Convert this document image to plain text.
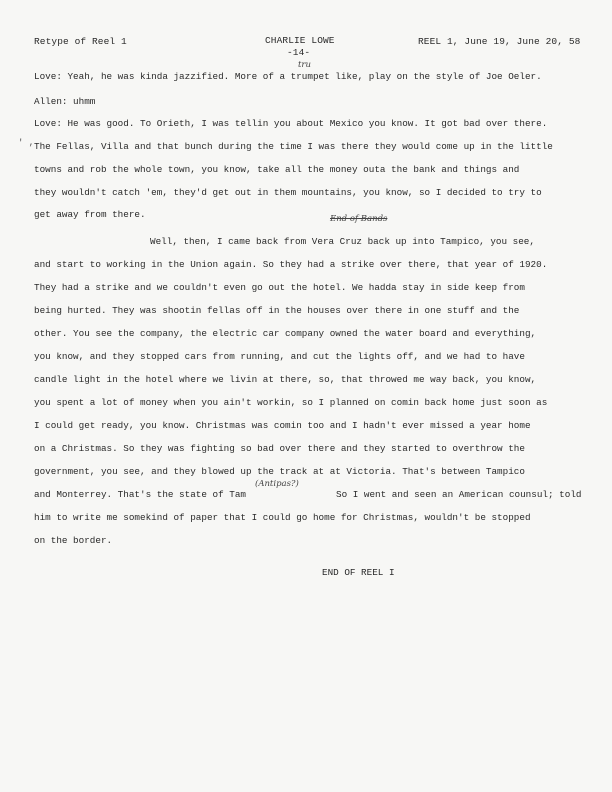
Retype of Reel 1	CHARLIE LOWE	REEL 1, June 19, June 20, 58
-14-
tru
Love: Yeah, he was kinda jazzified. More of a trumpet like, play on the style of Joe Oeler.
Allen: uhmm
Love: He was good. To Orieth, I was tellin you about Mexico you know. It got bad over there.
' , The Fellas, Villa and that bunch during the time I was there they would come up in the little
towns and rob the whole town, you know, take all the money outa the bank and things and
they wouldn't catch 'em, they'd get out in them mountains, you know, so I decided to try to
get away from there.	End of Bands
Well, then, I came back from Vera Cruz back up into Tampico, you see,
and start to working in the Union again. So they had a strike over there, that year of 1920.
They had a strike and we couldn't even go out the hotel. We hadda stay in side keep from
being hurted. They was shootin fellas off in the houses over there in one stuff and the
other. You see the company, the electric car company owned the water board and everything,
you know, and they stopped cars from running, and cut the lights off, and we had to have
candle light in the hotel where we livin at there, so, that throwed me way back, you know,
you spent a lot of money when you ain't workin, so I planned on comin back home just soon as
I could get ready, you know. Christmas was comin too and I hadn't ever missed a year home
on a Christmas. So they was fighting so bad over there and they started to overthrow the
government, you see, and they blowed up the track at at Victoria. That's between Tampico
(Antipas?)
and Monterrey. That's the state of Tam	So I went and seen an American counsul; told
him to write me somekind of paper that I could go home for Christmas, wouldn't be stopped
on the border.
END OF REEL I
